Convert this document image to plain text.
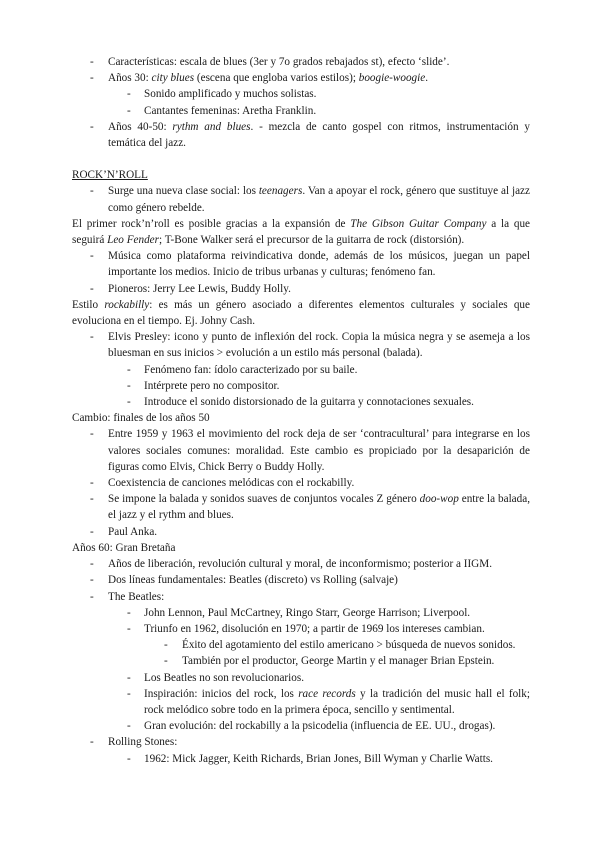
- Características: escala de blues (3er y 7o grados rebajados st), efecto ‘slide’.

- Años 30: city blues (escena que engloba varios estilos); boogie-woogie.

- Sonido amplificado y muchos solistas.

- Cantantes femeninas: Aretha Franklin.

- Años 40-50: rythm and blues. - mezcla de canto gospel con ritmos, instrumentación y temática del jazz.

ROCK’N’ROLL

- Surge una nueva clase social: los teenagers. Van a apoyar el rock, género que sustituye al jazz como género rebelde.

El primer rock’n’roll es posible gracias a la expansión de The Gibson Guitar Company a la que seguirá Leo Fender; T-Bone Walker será el precursor de la guitarra de rock (distorsión).

- Música como plataforma reivindicativa donde, además de los músicos, juegan un papel importante los medios. Inicio de tribus urbanas y culturas; fenómeno fan.

- Pioneros: Jerry Lee Lewis, Buddy Holly.

Estilo rockabilly: es más un género asociado a diferentes elementos culturales y sociales que evoluciona en el tiempo. Ej. Johny Cash.

- Elvis Presley: icono y punto de inflexión del rock. Copia la música negra y se asemeja a los bluesman en sus inicios > evolución a un estilo más personal (balada).

- Fenómeno fan: ídolo caracterizado por su baile.

- Intérprete pero no compositor.

- Introduce el sonido distorsionado de la guitarra y connotaciones sexuales.

Cambio: finales de los años 50

- Entre 1959 y 1963 el movimiento del rock deja de ser ‘contracultural’ para integrarse en los valores sociales comunes: moralidad. Este cambio es propiciado por la desaparición de figuras como Elvis, Chick Berry o Buddy Holly.

- Coexistencia de canciones melódicas con el rockabilly.

- Se impone la balada y sonidos suaves de conjuntos vocales Z género doo-wop entre la balada, el jazz y el rythm and blues.

- Paul Anka.

Años 60: Gran Bretaña

- Años de liberación, revolución cultural y moral, de inconformismo; posterior a IIGM.

- Dos líneas fundamentales: Beatles (discreto) vs Rolling (salvaje)

- The Beatles:

- John Lennon, Paul McCartney, Ringo Starr, George Harrison; Liverpool.

- Triunfo en 1962, disolución en 1970; a partir de 1969 los intereses cambian.

- Éxito del agotamiento del estilo americano > búsqueda de nuevos sonidos.

- También por el productor, George Martin y el manager Brian Epstein.

- Los Beatles no son revolucionarios.

- Inspiración: inicios del rock, los race records y la tradición del music hall el folk; rock melódico sobre todo en la primera época, sencillo y sentimental.

- Gran evolución: del rockabilly a la psicodelia (influencia de EE. UU., drogas).

- Rolling Stones:

- 1962: Mick Jagger, Keith Richards, Brian Jones, Bill Wyman y Charlie Watts.
